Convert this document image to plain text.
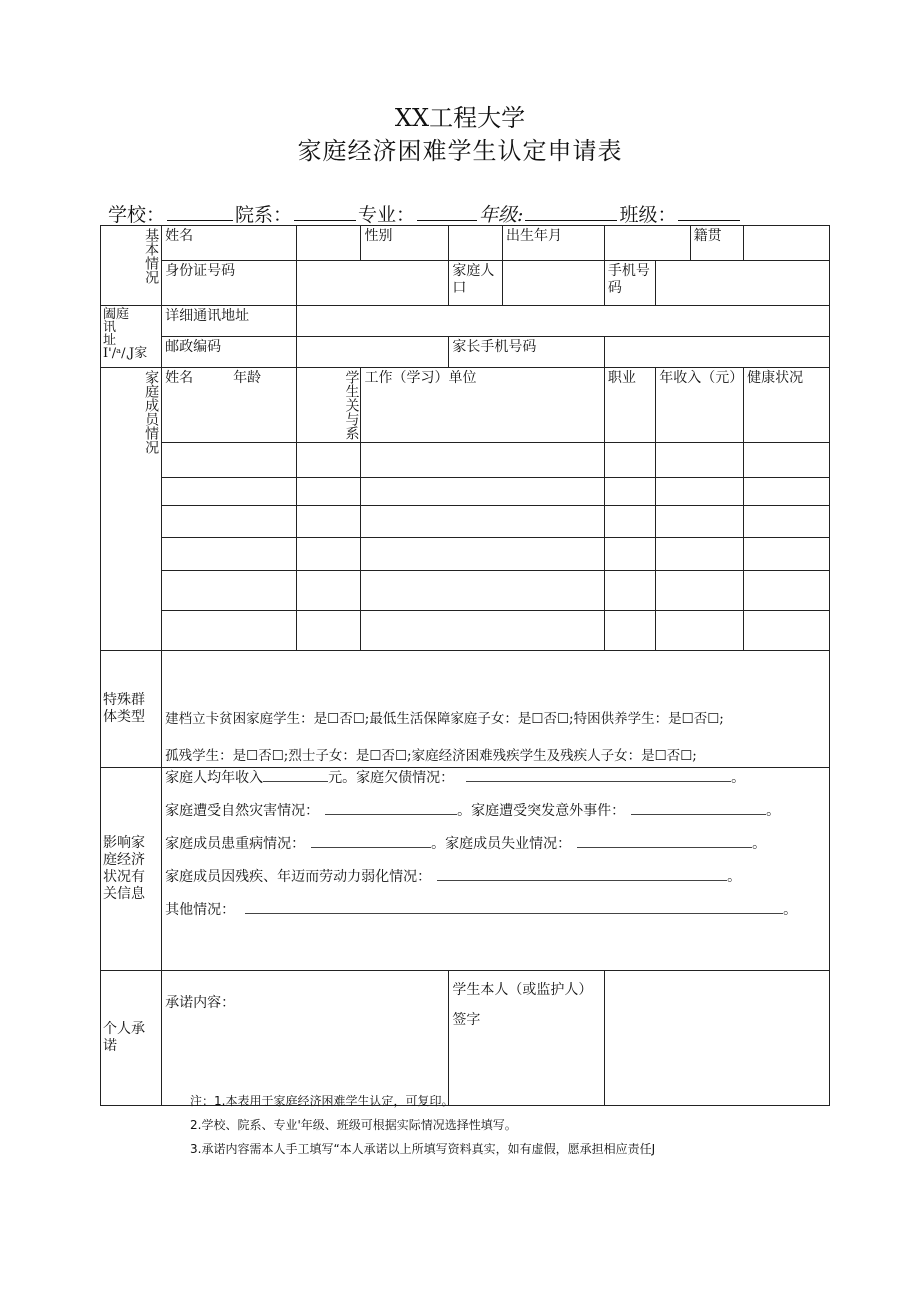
XX工程大学
家庭经济困难学生认定申请表
学校：	院系：	专业：	年级:	班级：
基本情况	姓名		性别		出生年月			籍贯	
	身份证号码			家庭人口		手机号码			
阖庭
讯
址
I'/ᵃ/ˌJ家	详细通讯地址								
	邮政编码			家长手机号码					
家庭成员情况	姓名 年龄	学生关与系	工作（学习）单位			职业	年收入（元）		健康状况

特殊群体类型	建档立卡贫困家庭学生：是☐否☐;最低生活保障家庭子女：是☐否☐;特困供养学生：是☐否☐;
孤残学生：是☐否☐;烈士子女：是☐否☐;家庭经济困难残疾学生及残疾人子女：是☐否☐;								

影响家庭经济状况有关信息	家庭人均年收入 元。家庭欠债情况： 。
家庭遭受自然灾害情况： 。家庭遭受突发意外事件： 。
家庭成员患重病情况： 。家庭成员失业情况： 。
家庭成员因残疾、年迈而劳动力弱化情况： 。
其他情况： 。								

个人承诺	承诺内容：			学生本人（或监护人）签字					
注：1.本表用于家庭经济困难学生认定，可复印。
2.学校、院系、专业'年级、班级可根据实际情况选择性填写。
3.承诺内容需本人手工填写“本人承诺以上所填写资料真实，如有虚假，愿承担相应责任J
